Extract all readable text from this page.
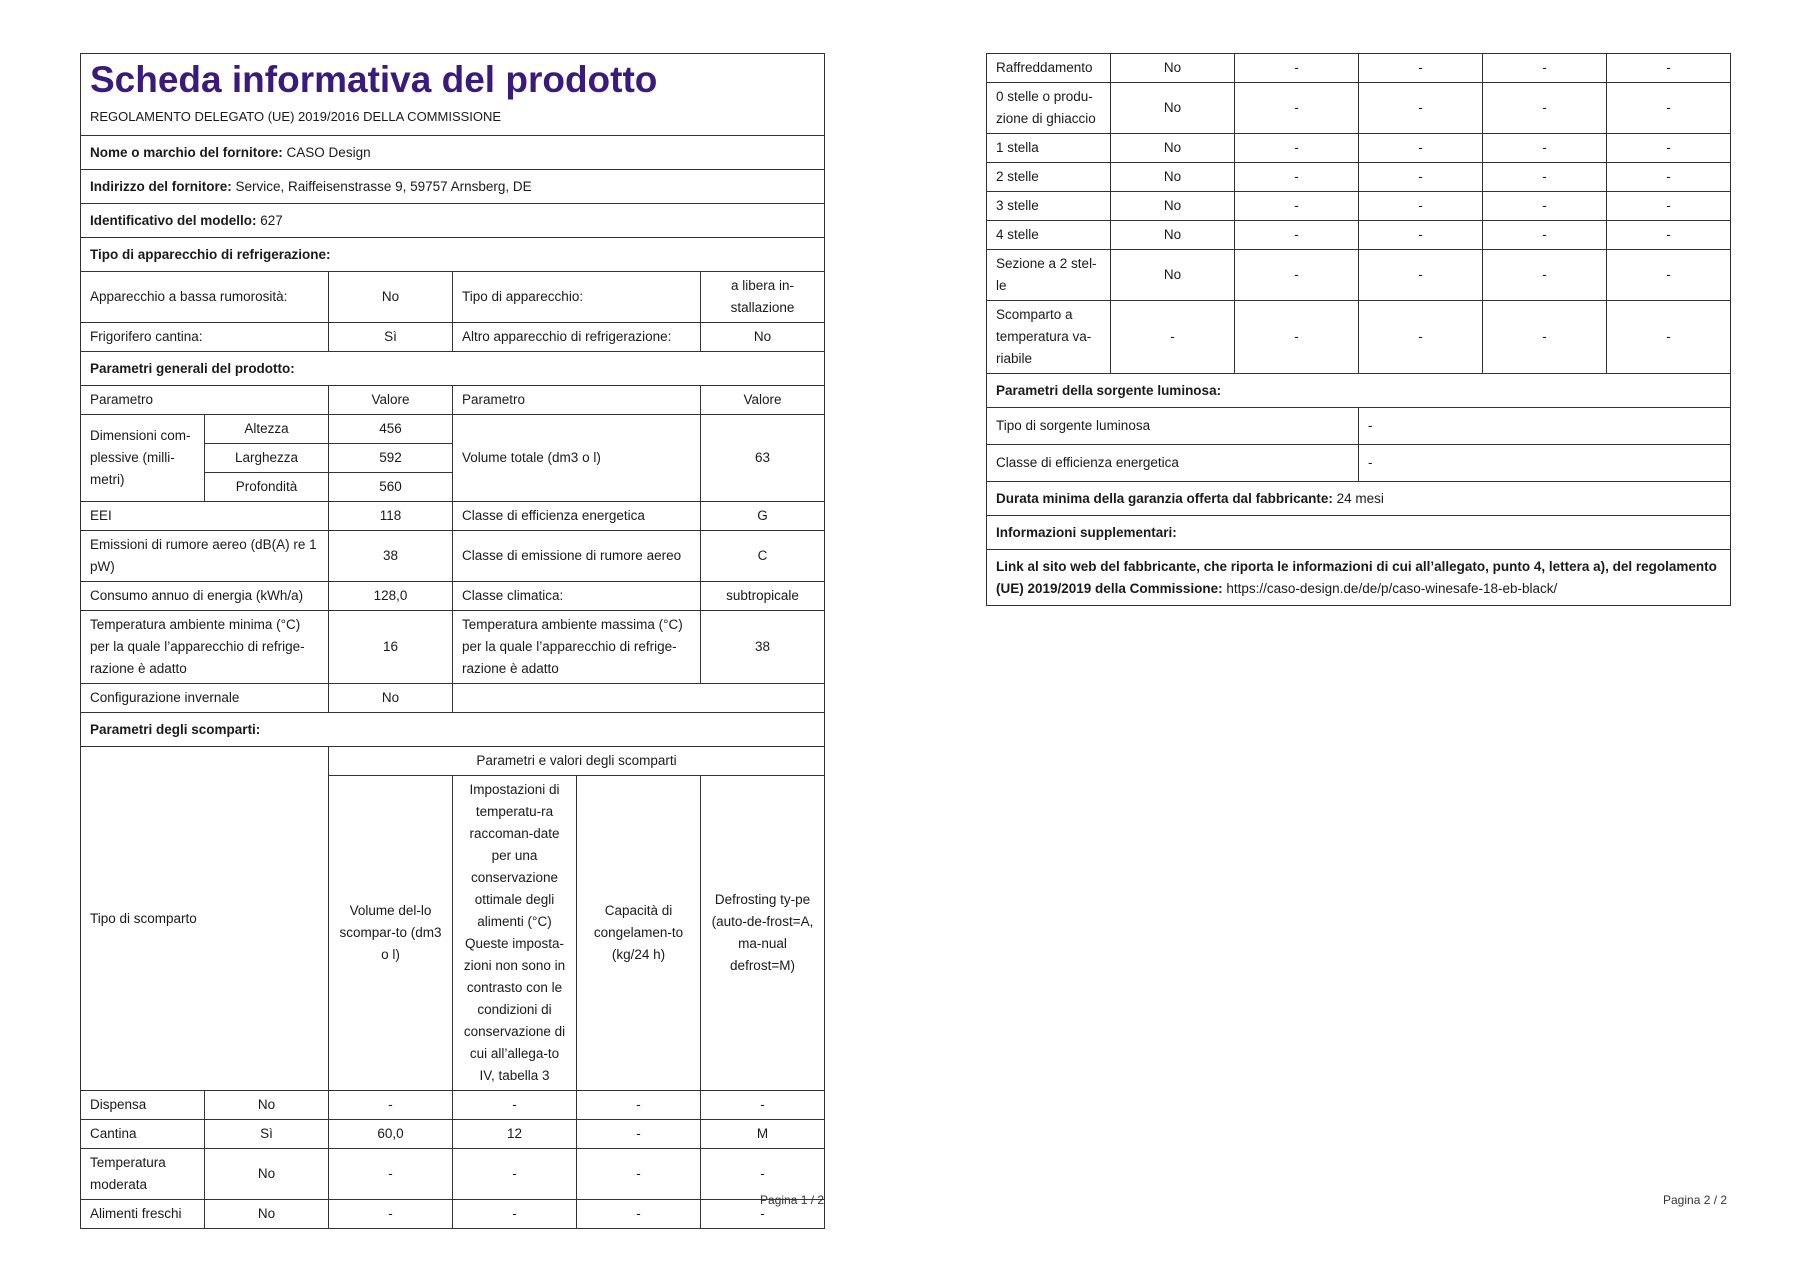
Scheda informativa del prodotto
REGOLAMENTO DELEGATO (UE) 2019/2016 DELLA COMMISSIONE					

Nome o marchio del fornitore: CASO Design					
Indirizzo del fornitore: Service, Raiffeisenstrasse 9, 59757 Arnsberg, DE					
Identificativo del modello: 627					
Tipo di apparecchio di refrigerazione:					
Apparecchio a bassa rumorosità:		No	Tipo di apparecchio:		a libera in-stallazione
Frigorifero cantina:		Sì	Altro apparecchio di refrigerazione:		No
Parametri generali del prodotto:					
Parametro		Valore	Parametro		Valore
Dimensioni com-plessive (milli-metri)	Altezza	456	Volume totale (dm3 o l)		63
	Larghezza	592			
	Profondità	560			
EEI		118	Classe di efficienza energetica		G
Emissioni di rumore aereo (dB(A) re 1 pW)		38	Classe di emissione di rumore aereo		C
Consumo annuo di energia (kWh/a)		128,0	Classe climatica:		subtropicale
Temperatura ambiente minima (°C) per la quale l’apparecchio di refrige-razione è adatto		16	Temperatura ambiente massima (°C) per la quale l’apparecchio di refrige-razione è adatto		38
Configurazione invernale		No			
Parametri degli scomparti:					
Tipo di scomparto		Parametri e valori degli scomparti			
		Volume del-lo scompar-to (dm3 o l)	Impostazioni di temperatu-ra raccoman-date per una conservazione ottimale degli alimenti (°C) Queste imposta-zioni non sono in contrasto con le condizioni di conservazione di cui all’allega-to IV, tabella 3	Capacità di congelamen-to (kg/24 h)	Defrosting ty-pe (auto-de-frost=A, ma-nual defrost=M)
Dispensa	No	-	-	-	-
Cantina	Sì	60,0	12	-	M
Temperatura moderata	No	-	-	-	-
Alimenti freschi	No	-	-	-	-
Pagina 1 / 2
Raffreddamento	No	-	-	-	-
0 stelle o produ-zione di ghiaccio	No	-	-	-	-
1 stella	No	-	-	-	-
2 stelle	No	-	-	-	-
3 stelle	No	-	-	-	-
4 stelle	No	-	-	-	-
Sezione a 2 stel-le	No	-	-	-	-
Scomparto a temperatura va-riabile	-	-	-	-	-
Parametri della sorgente luminosa:					
Tipo di sorgente luminosa			-		
Classe di efficienza energetica			-		
Durata minima della garanzia offerta dal fabbricante: 24 mesi					
Informazioni supplementari:					
Link al sito web del fabbricante, che riporta le informazioni di cui all’allegato, punto 4, lettera a), del regolamento (UE) 2019/2019 della Commissione: https://caso-design.de/de/p/caso-winesafe-18-eb-black/					
Pagina 2 / 2
